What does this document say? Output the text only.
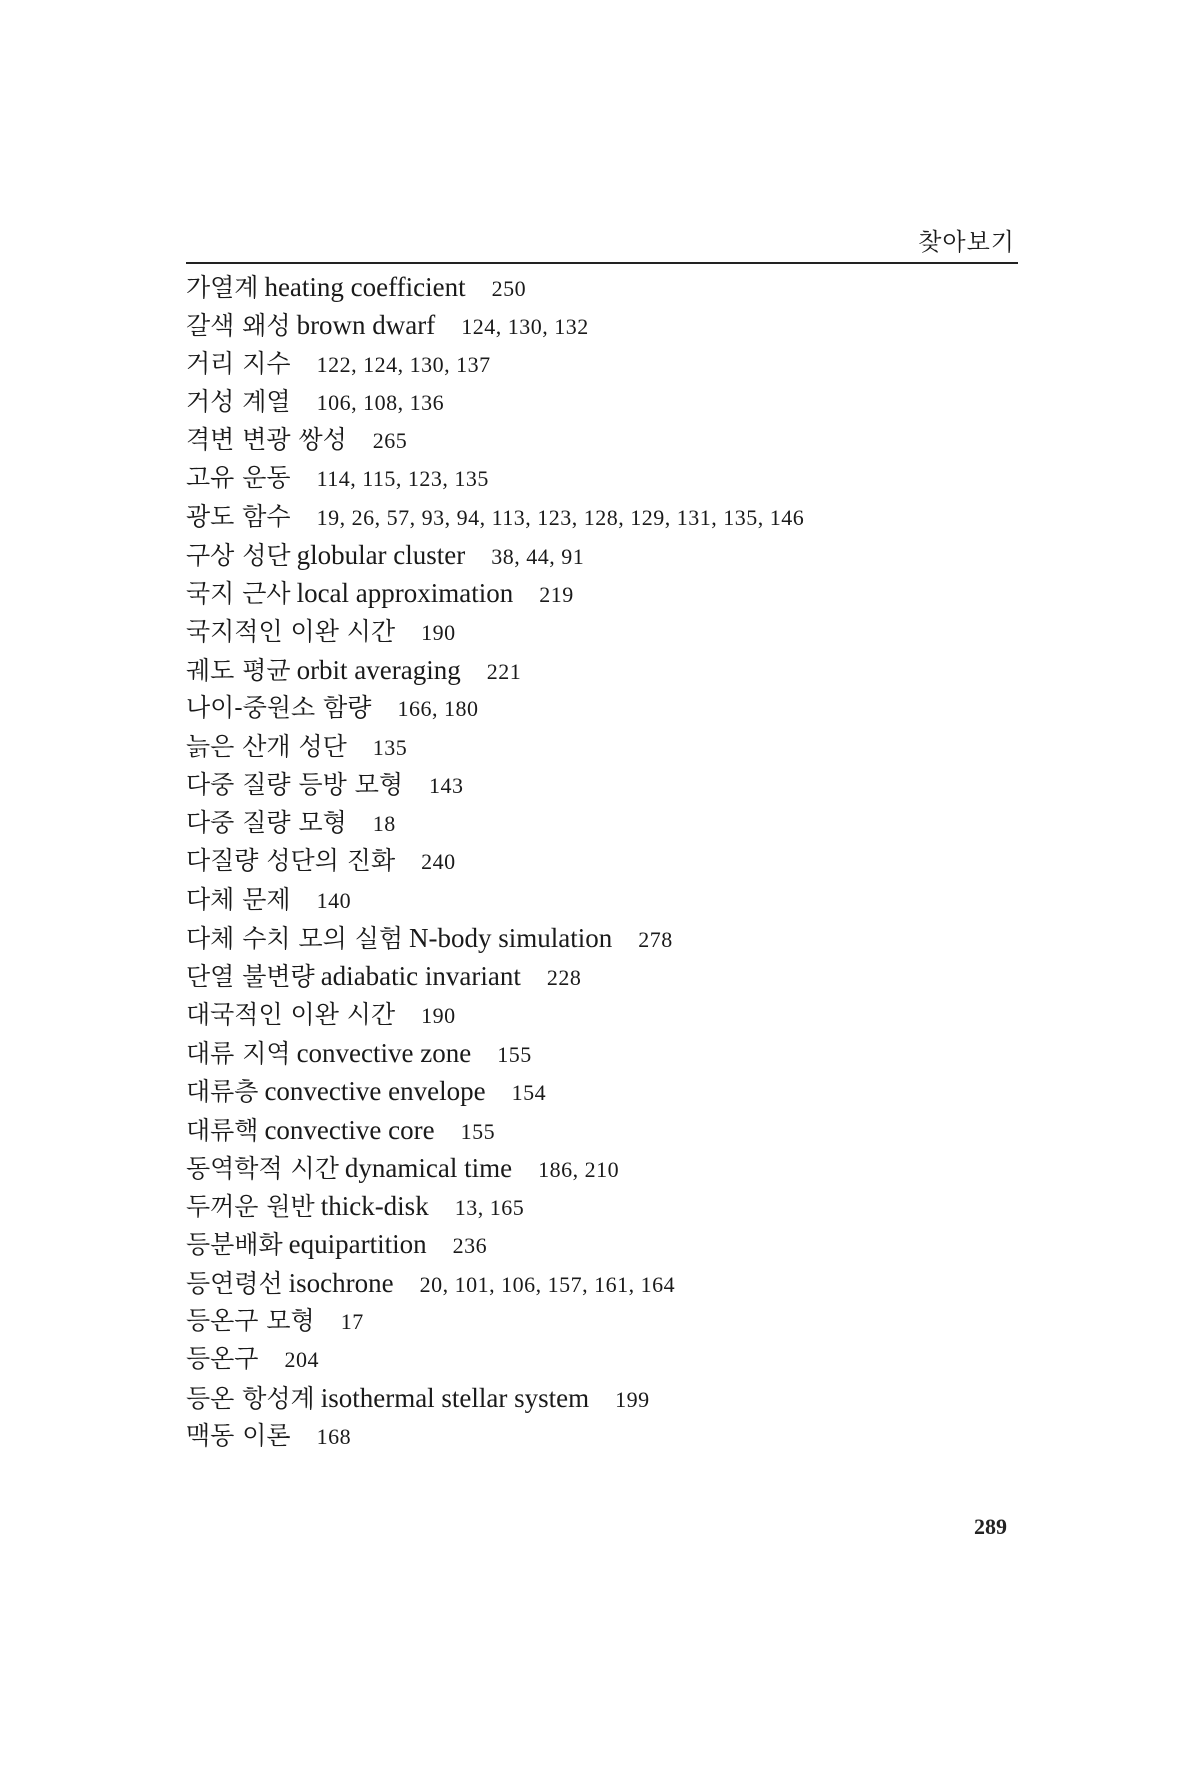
찾아보기
가열계 heating coefficient 250
갈색 왜성 brown dwarf 124, 130, 132
거리 지수 122, 124, 130, 137
거성 계열 106, 108, 136
격변 변광 쌍성 265
고유 운동 114, 115, 123, 135
광도 함수 19, 26, 57, 93, 94, 113, 123, 128, 129, 131, 135, 146
구상 성단 globular cluster 38, 44, 91
국지 근사 local approximation 219
국지적인 이완 시간 190
궤도 평균 orbit averaging 221
나이-중원소 함량 166, 180
늙은 산개 성단 135
다중 질량 등방 모형 143
다중 질량 모형 18
다질량 성단의 진화 240
다체 문제 140
다체 수치 모의 실험 N-body simulation 278
단열 불변량 adiabatic invariant 228
대국적인 이완 시간 190
대류 지역 convective zone 155
대류층 convective envelope 154
대류핵 convective core 155
동역학적 시간 dynamical time 186, 210
두꺼운 원반 thick-disk 13, 165
등분배화 equipartition 236
등연령선 isochrone 20, 101, 106, 157, 161, 164
등온구 모형 17
등온구 204
등온 항성계 isothermal stellar system 199
맥동 이론 168
289
